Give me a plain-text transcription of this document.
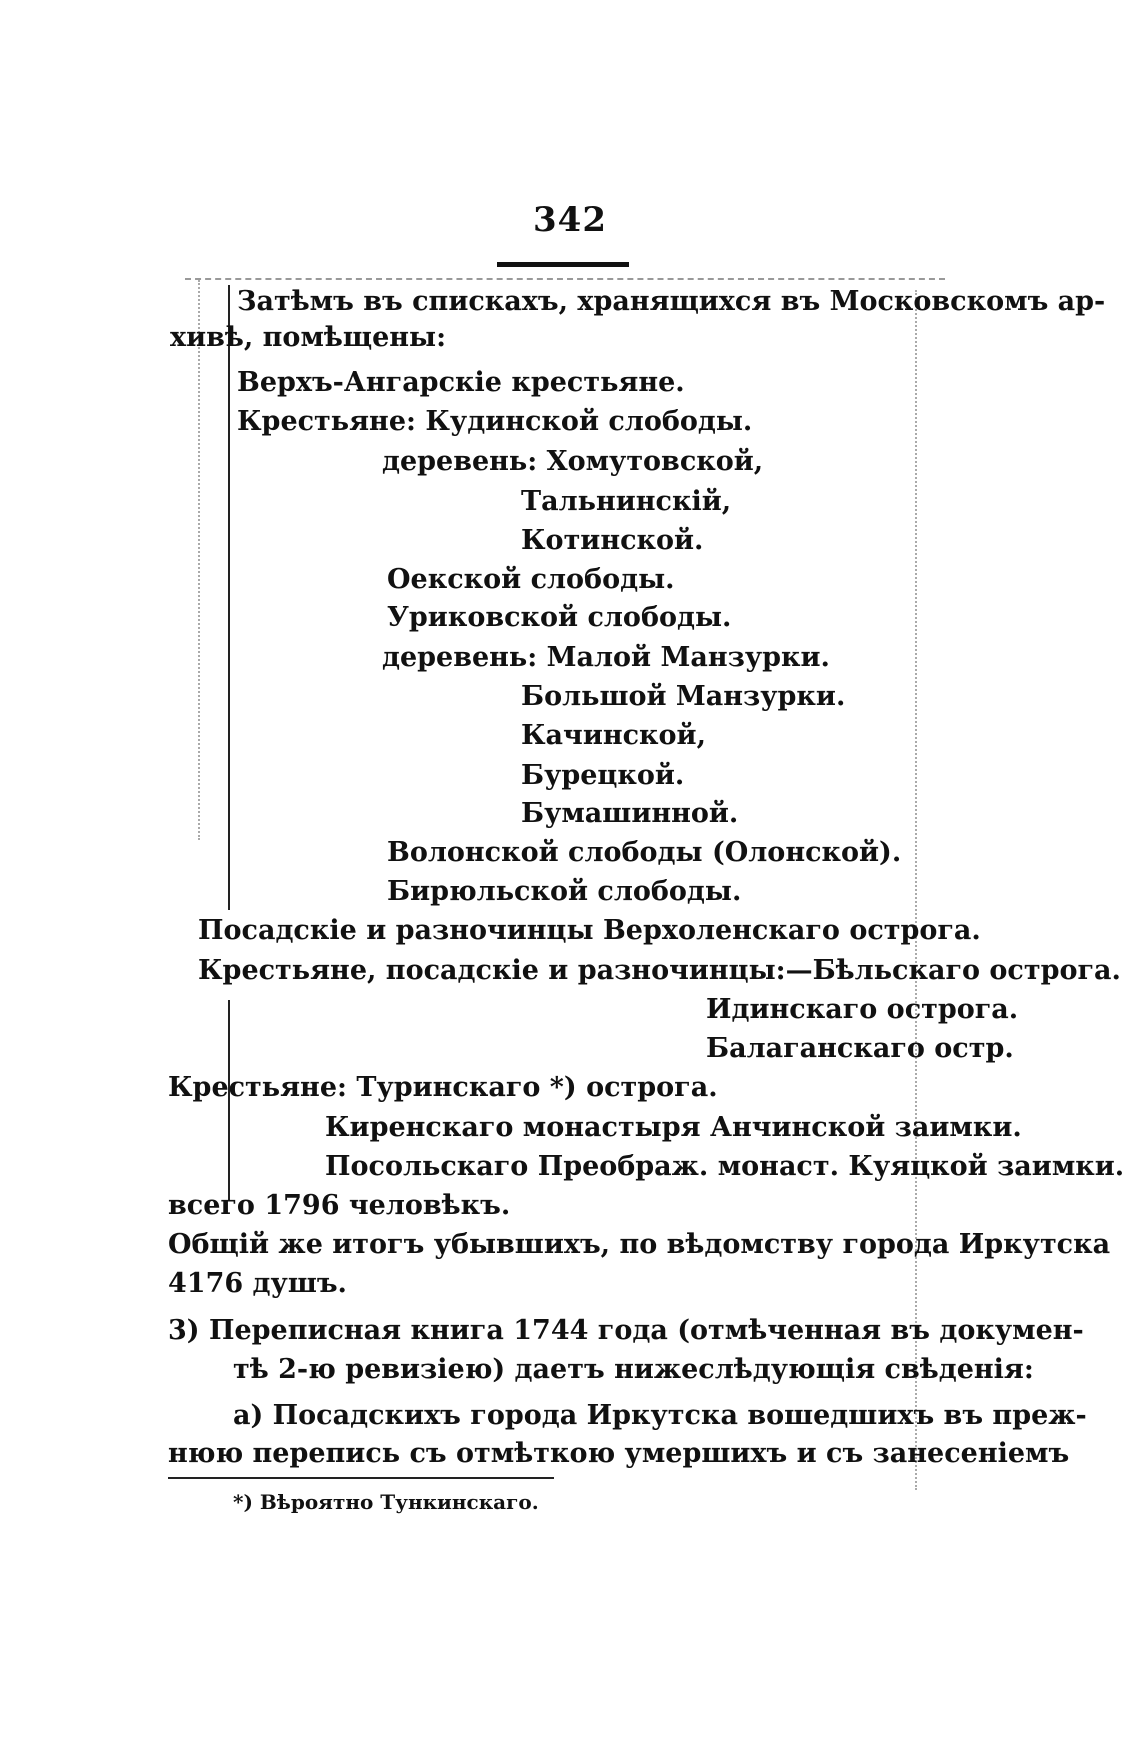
342
Затѣмъ въ спискахъ, хранящихся въ Московскомъ ар-
хивѣ, помѣщены:
Верхъ-Ангарскіе крестьяне.
Крестьяне: Кудинской слободы.
деревень: Хомутовской,
Тальнинскій,
Котинской.
Оекской слободы.
Уриковской слободы.
деревень: Малой Манзурки.
Большой Манзурки.
Качинской,
Бурецкой.
Бумашинной.
Волонской слободы (Олонской).
Бирюльской слободы.
Посадскіе и разночинцы Верхоленскаго острога.
Крестьяне, посадскіе и разночинцы:—Бѣльскаго острога.
Идинскаго острога.
Балаганскаго остр.
Крестьяне: Туринскаго *) острога.
Киренскаго монастыря Анчинской заимки.
Посольскаго Преображ. монаст. Куяцкой заимки.
всего 1796 человѣкъ.
Общій же итогъ убывшихъ, по вѣдомству города Иркутска
4176 душъ.
3) Переписная книга 1744 года (отмѣченная въ докумен-
тѣ 2-ю ревизіею) даетъ нижеслѣдующія свѣденія:
а) Посадскихъ города Иркутска вошедшихъ въ преж-
нюю перепись съ отмѣткою умершихъ и съ занесеніемъ
*) Вѣроятно Тункинскаго.
